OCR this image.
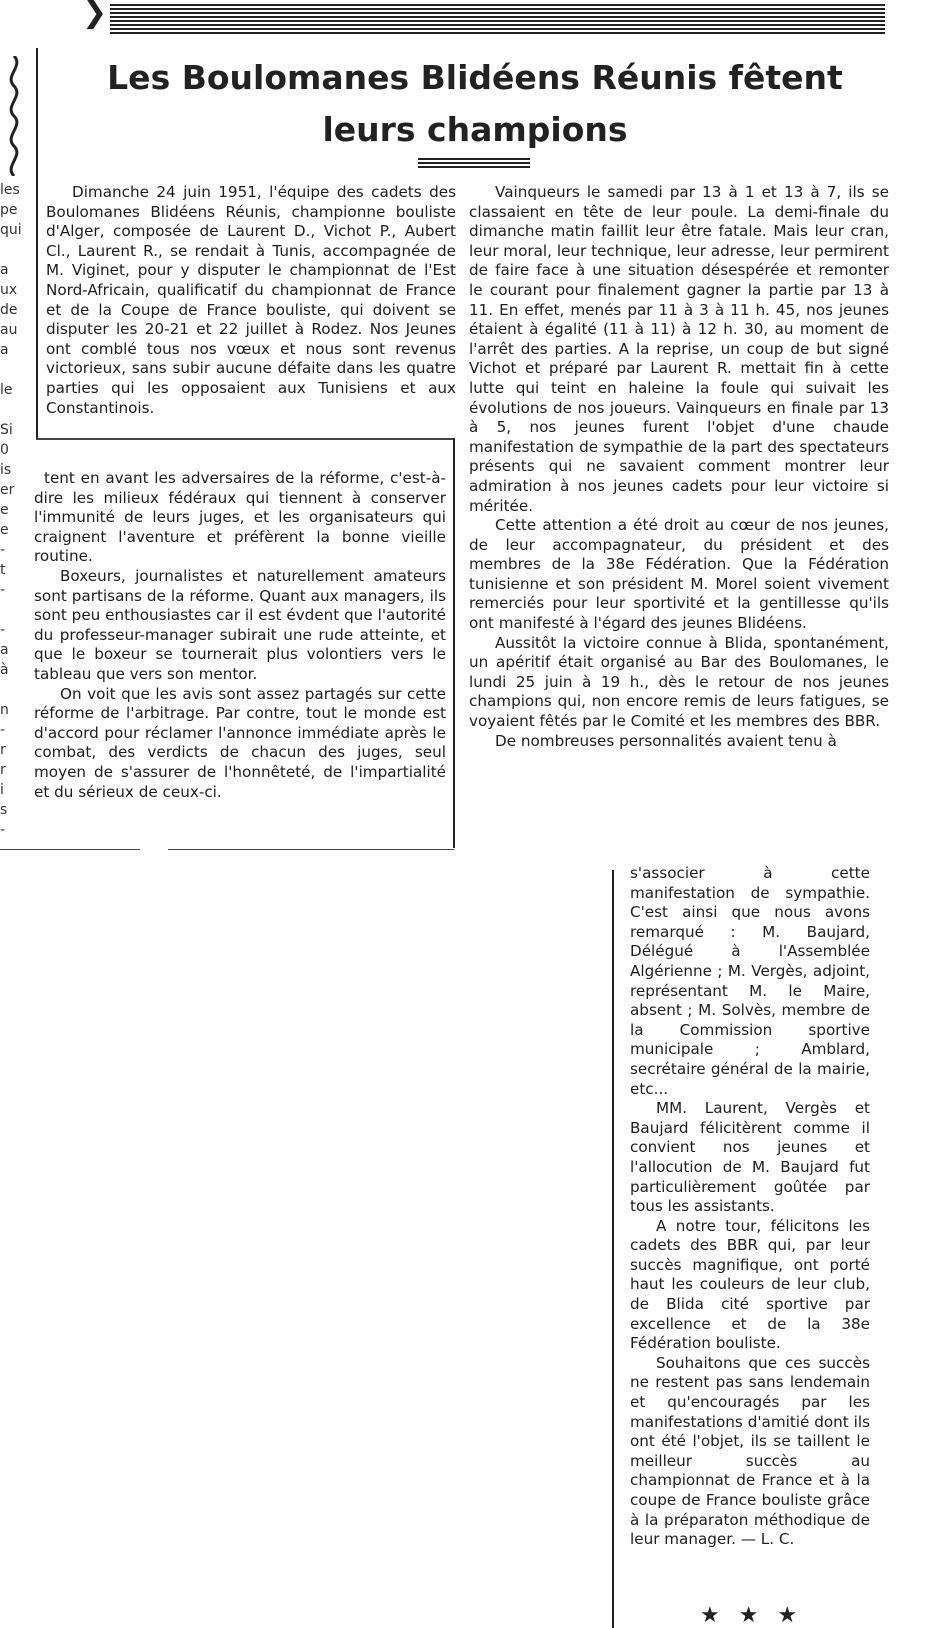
❯
les
pe
qui
a
ux
de
au
a
le
Si
0
is
er
e
e
-
t
-
-
a
à
n
-
r
r
i
s
-
Les Boulomanes Blidéens Réunis fêtent leurs champions

Dimanche 24 juin 1951, l'équipe des cadets des Boulomanes Blidéens Réunis, championne bouliste d'Alger, composée de Laurent D., Vichot P., Aubert Cl., Laurent R., se rendait à Tunis, accompagnée de M. Viginet, pour y disputer le championnat de l'Est Nord-Africain, qualificatif du championnat de France et de la Coupe de France bouliste, qui doivent se disputer les 20-21 et 22 juillet à Rodez. Nos Jeunes ont comblé tous nos vœux et nous sont revenus victorieux, sans subir aucune défaite dans les quatre parties qui les opposaient aux Tunisiens et aux Constantinois.

tent en avant les adversaires de la réforme, c'est-à-dire les milieux fédéraux qui tiennent à conserver l'immunité de leurs juges, et les organisateurs qui craignent l'aventure et préfèrent la bonne vieille routine.

Boxeurs, journalistes et naturellement amateurs sont partisans de la réforme. Quant aux managers, ils sont peu enthousiastes car il est évdent que l'autorité du professeur-manager subirait une rude atteinte, et que le boxeur se tournerait plus volontiers vers le tableau que vers son mentor.

On voit que les avis sont assez partagés sur cette réforme de l'arbitrage. Par contre, tout le monde est d'accord pour réclamer l'annonce immédiate après le combat, des verdicts de chacun des juges, seul moyen de s'assurer de l'honnêteté, de l'impartialité et du sérieux de ceux-ci.

Vainqueurs le samedi par 13 à 1 et 13 à 7, ils se classaient en tête de leur poule. La demi-finale du dimanche matin faillit leur être fatale. Mais leur cran, leur moral, leur technique, leur adresse, leur permirent de faire face à une situation désespérée et remonter le courant pour finalement gagner la partie par 13 à 11. En effet, menés par 11 à 3 à 11 h. 45, nos jeunes étaient à égalité (11 à 11) à 12 h. 30, au moment de l'arrêt des parties. A la reprise, un coup de but signé Vichot et préparé par Laurent R. mettait fin à cette lutte qui teint en haleine la foule qui suivait les évolutions de nos joueurs. Vainqueurs en finale par 13 à 5, nos jeunes furent l'objet d'une chaude manifestation de sympathie de la part des spectateurs présents qui ne savaient comment montrer leur admiration à nos jeunes cadets pour leur victoire si méritée.

Cette attention a été droit au cœur de nos jeunes, de leur accompagnateur, du président et des membres de la 38e Fédération. Que la Fédération tunisienne et son président M. Morel soient vivement remerciés pour leur sportivité et la gentillesse qu'ils ont manifesté à l'égard des jeunes Blidéens.

Aussitôt la victoire connue à Blida, spontanément, un apéritif était organisé au Bar des Boulomanes, le lundi 25 juin à 19 h., dès le retour de nos jeunes champions qui, non encore remis de leurs fatigues, se voyaient fêtés par le Comité et les membres des BBR.

De nombreuses personnalités avaient tenu à

s'associer à cette manifestation de sympathie. C'est ainsi que nous avons remarqué : M. Baujard, Délégué à l'Assemblée Algérienne ; M. Vergès, adjoint, représentant M. le Maire, absent ; M. Solvès, membre de la Commission sportive municipale ; Amblard, secrétaire général de la mairie, etc...

MM. Laurent, Vergès et Baujard félicitèrent comme il convient nos jeunes et l'allocution de M. Baujard fut particulièrement goûtée par tous les assistants.

A notre tour, félicitons les cadets des BBR qui, par leur succès magnifique, ont porté haut les couleurs de leur club, de Blida cité sportive par excellence et de la 38e Fédération bouliste.

Souhaitons que ces succès ne restent pas sans lendemain et qu'encouragés par les manifestations d'amitié dont ils ont été l'objet, ils se taillent le meilleur succès au championnat de France et à la coupe de France bouliste grâce à la préparaton méthodique de leur manager. — L. C.

★ ★ ★
